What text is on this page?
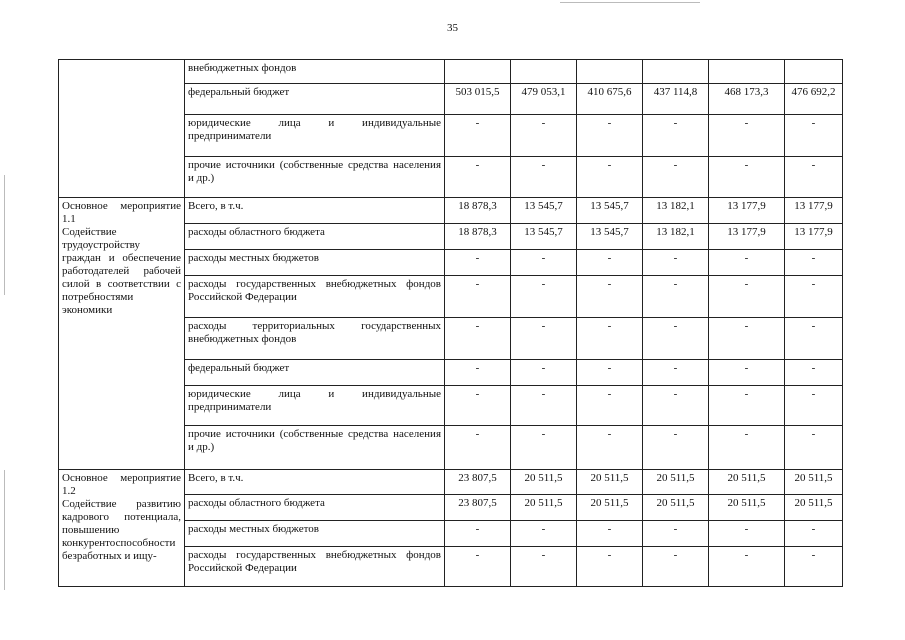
35
	внебюджетных фондов						
	федеральный бюджет	503 015,5	479 053,1	410 675,6	437 114,8	468 173,3	476 692,2
	юридические лица и индивидуальные предприниматели	-	-	-	-	-	-
	прочие источники (собственные средства населения и др.)	-	-	-	-	-	-

Основное мероприятие 1.1
Содействие трудоустройству граждан и обеспечение работодателей рабочей силой в соответствии с потребностями экономики	Всего, в т.ч.	18 878,3	13 545,7	13 545,7	13 182,1	13 177,9	13 177,9
	расходы областного бюджета	18 878,3	13 545,7	13 545,7	13 182,1	13 177,9	13 177,9
	расходы местных бюджетов	-	-	-	-	-	-
	расходы государственных внебюджетных фондов Российской Федерации	-	-	-	-	-	-
	расходы территориальных государственных внебюджетных фондов	-	-	-	-	-	-
	федеральный бюджет	-	-	-	-	-	-
	юридические лица и индивидуальные предприниматели	-	-	-	-	-	-
	прочие источники (собственные средства населения и др.)	-	-	-	-	-	-

Основное мероприятие 1.2
Содействие развитию кадрового потенциала, повышению конкурентоспособности безработных и ищу-	Всего, в т.ч.	23 807,5	20 511,5	20 511,5	20 511,5	20 511,5	20 511,5
	расходы областного бюджета	23 807,5	20 511,5	20 511,5	20 511,5	20 511,5	20 511,5
	расходы местных бюджетов	-	-	-	-	-	-
	расходы государственных внебюджетных фондов Российской Федерации	-	-	-	-	-	-
